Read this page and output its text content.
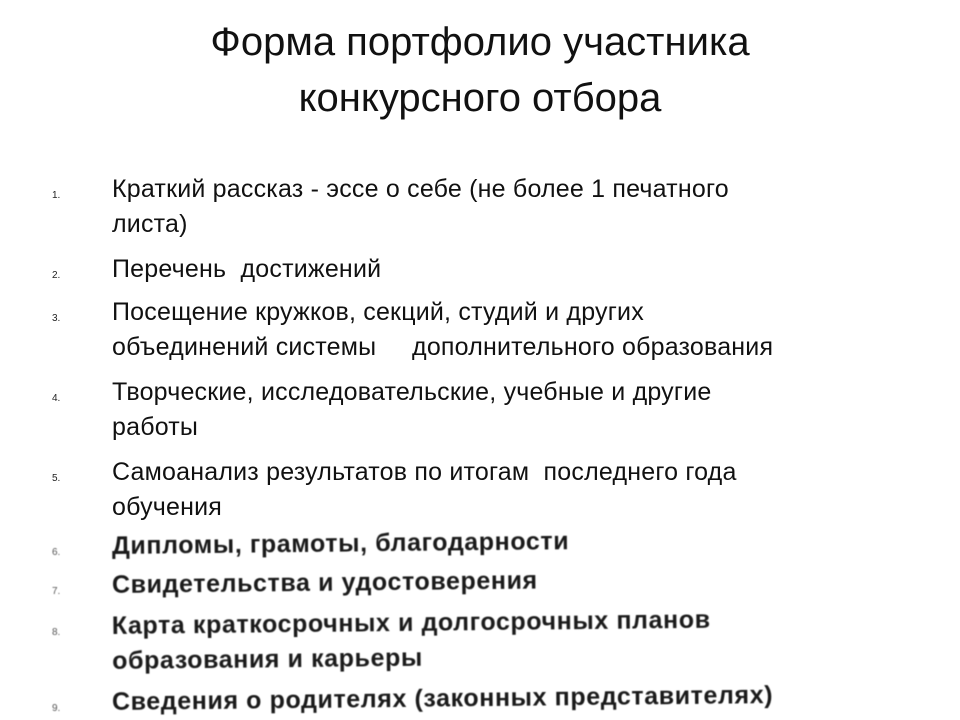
Форма портфолио участника
конкурсного отбора
1.	Краткий рассказ - эссе о себе (не более 1 печатного
листа)
2.	Перечень  достижений
3.	Посещение кружков, секций, студий и других
объединений системы     дополнительного образования
4.	Творческие, исследовательские, учебные и другие
работы
5.	Самоанализ результатов по итогам  последнего года
обучения
6.	Дипломы, грамоты, благодарности
7.	Свидетельства и удостоверения
8.	Карта краткосрочных и долгосрочных планов
образования и карьеры
9.	Сведения о родителях (законных представителях)
